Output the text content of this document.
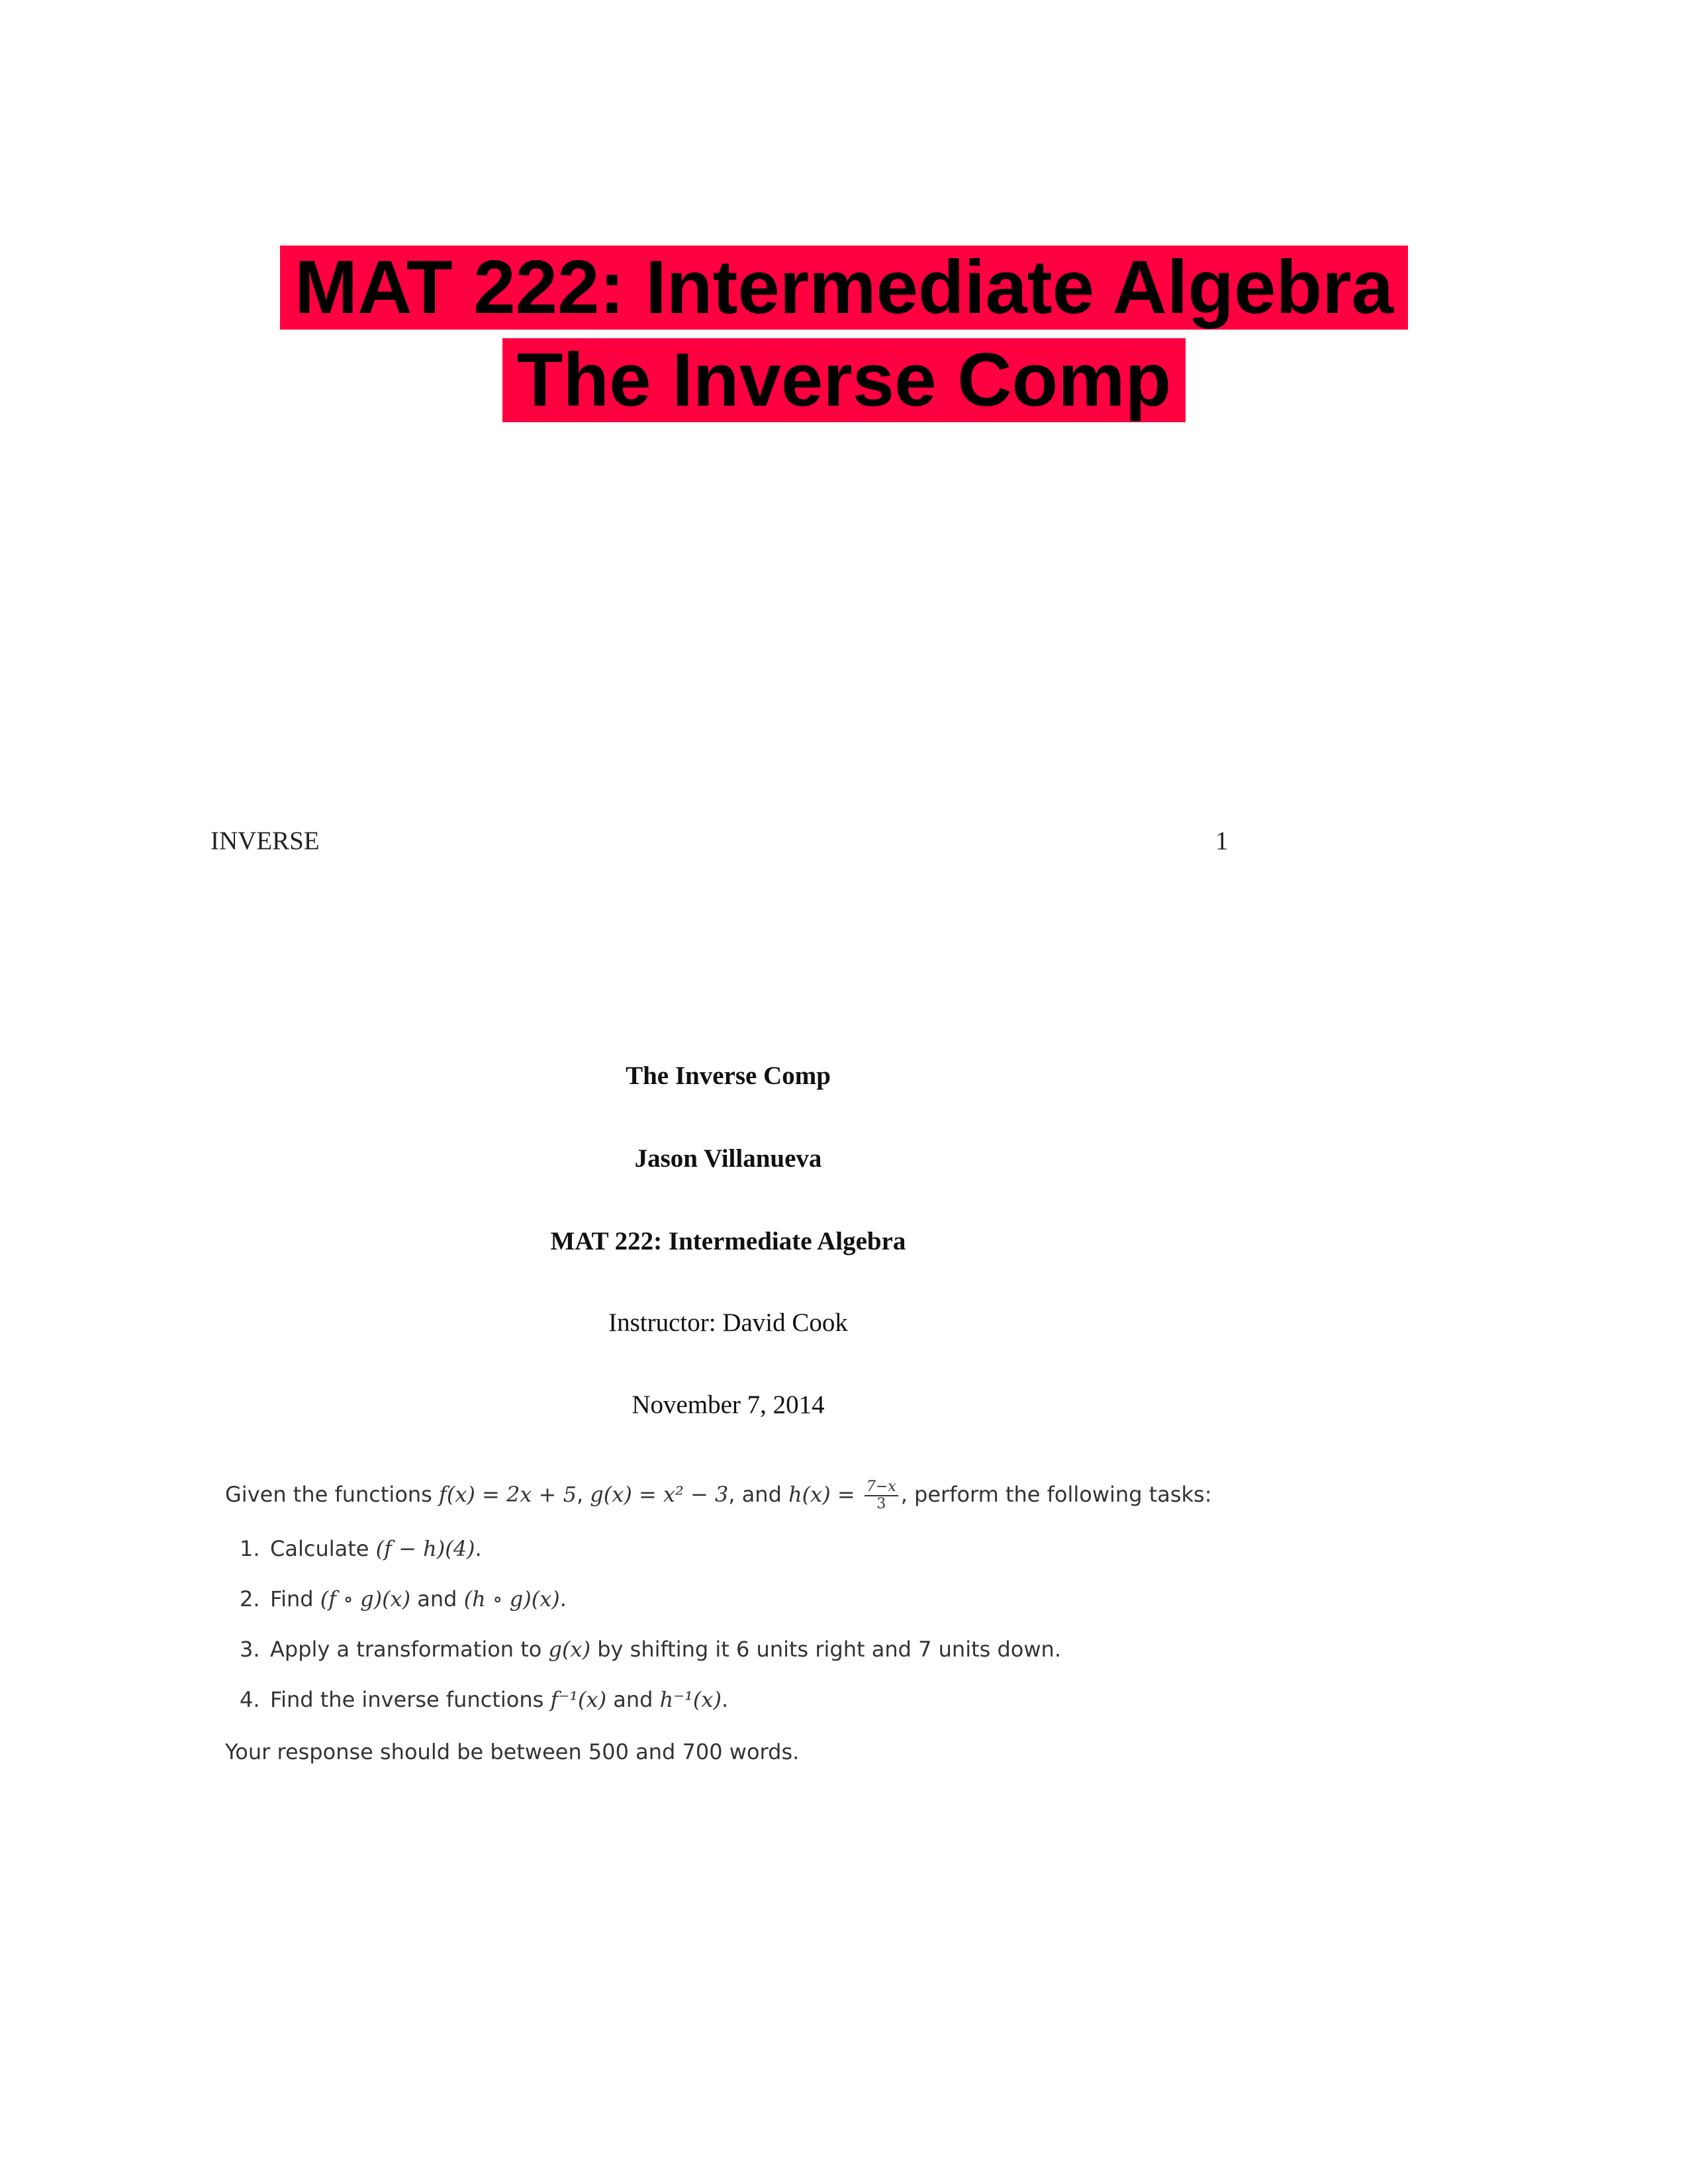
MAT 222: Intermediate Algebra The Inverse Comp
INVERSE	1
The Inverse Comp
Jason Villanueva
MAT 222: Intermediate Algebra
Instructor: David Cook
November 7, 2014

Given the functions f(x) = 2x + 5, g(x) = x² − 3, and $h(x) = \frac{7-x}{3}$ , perform the following tasks:

1. Calculate (f − h)(4).
2. Find (f ∘ g)(x) and (h ∘ g)(x).
3. Apply a transformation to g(x) by shifting it 6 units right and 7 units down.
4. Find the inverse functions f⁻¹(x) and h⁻¹(x).

Your response should be between 500 and 700 words.
